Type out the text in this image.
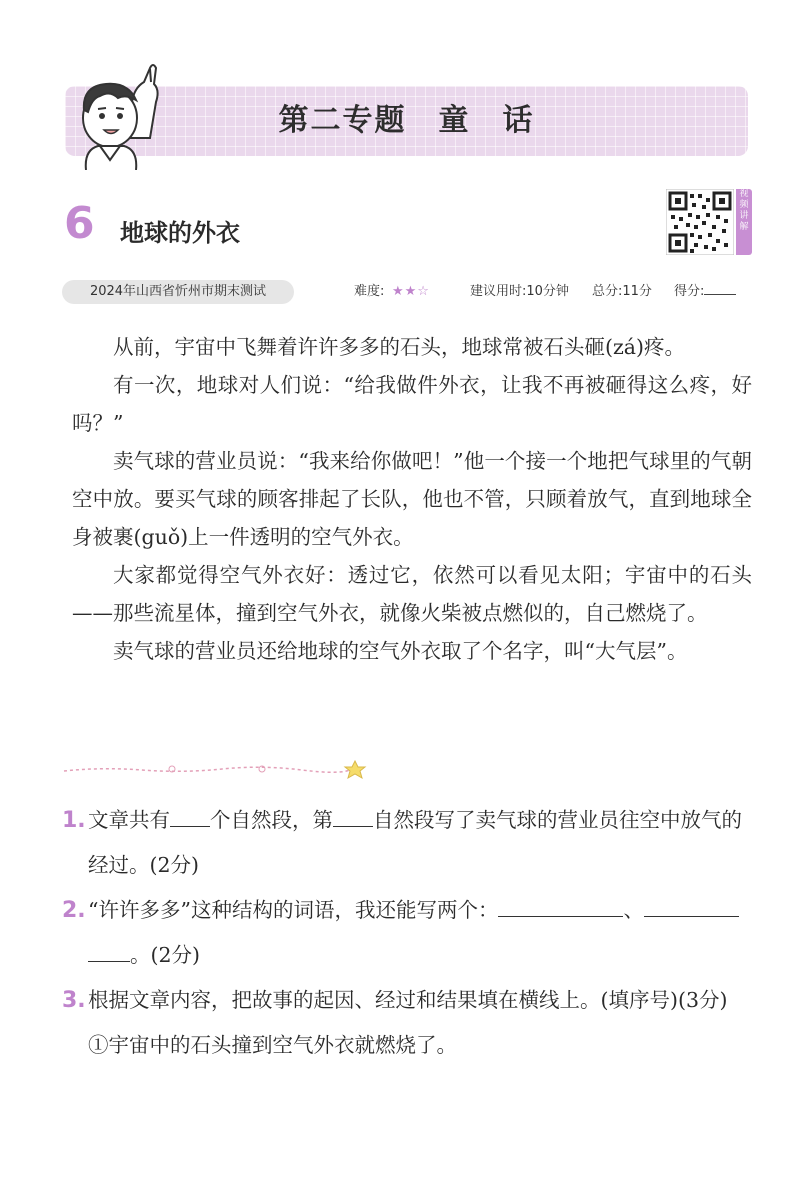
第二专题　童　话
6 地球的外衣
视频讲解
2024年山西省忻州市期末测试	难度: ★★☆	建议用时:10分钟 总分:11分 得分:

从前，宇宙中飞舞着许许多多的石头，地球常被石头砸(zá)疼。

有一次，地球对人们说：“给我做件外衣，让我不再被砸得这么疼，好吗？”

卖气球的营业员说：“我来给你做吧！”他一个接一个地把气球里的气朝空中放。要买气球的顾客排起了长队，他也不管，只顾着放气，直到地球全身被裹(guǒ)上一件透明的空气外衣。

大家都觉得空气外衣好：透过它，依然可以看见太阳；宇宙中的石头——那些流星体，撞到空气外衣，就像火柴被点燃似的，自己燃烧了。

卖气球的营业员还给地球的空气外衣取了个名字，叫“大气层”。

1. 文章共有 个自然段，第 自然段写了卖气球的营业员往空中放气的经过。(2分)
2. “许许多多”这种结构的词语，我还能写两个：	、。(2分)
3. 根据文章内容，把故事的起因、经过和结果填在横线上。(填序号)(3分)
①宇宙中的石头撞到空气外衣就燃烧了。
